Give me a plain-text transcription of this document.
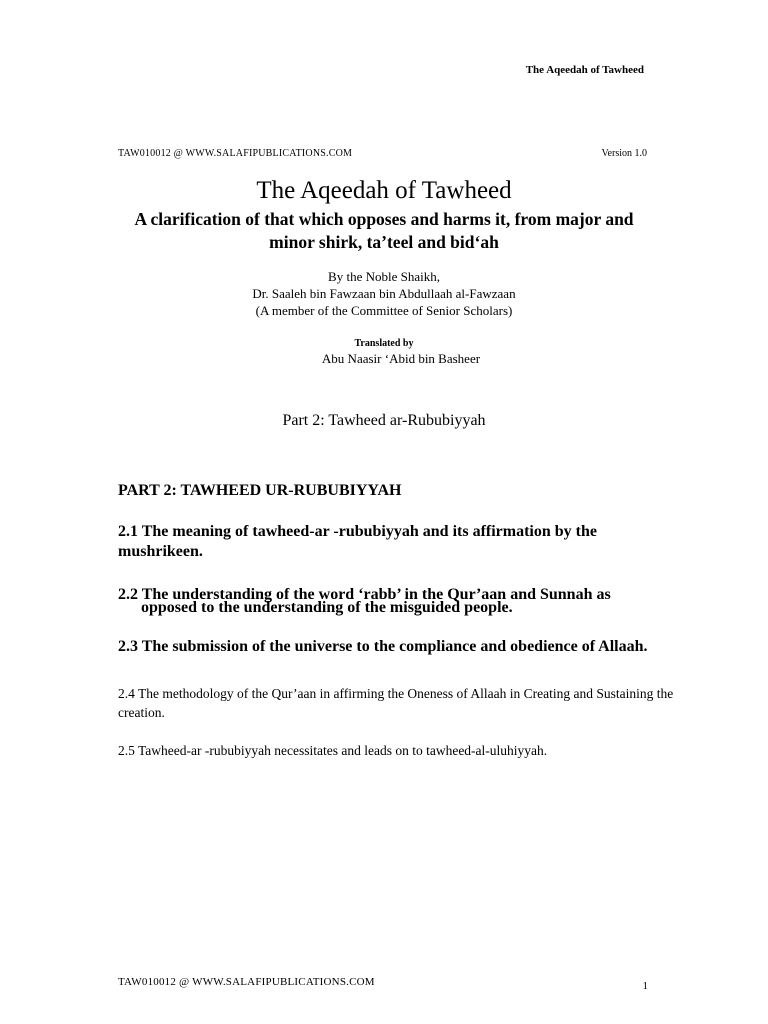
The Aqeedah of Tawheed
TAW010012 @ WWW.SALAFIPUBLICATIONS.COM	Version 1.0
The Aqeedah of Tawheed
A clarification of that which opposes and harms it, from major and minor shirk, ta’teel and bid‘ah
By the Noble Shaikh,
Dr. Saaleh bin Fawzaan bin Abdullaah al-Fawzaan
(A member of the Committee of Senior Scholars)
Translated by
Abu Naasir ‘Abid bin Basheer
Part 2: Tawheed ar-Rububiyyah
PART 2: TAWHEED UR-RUBUBIYYAH
2.1 The meaning of tawheed-ar -rububiyyah and its affirmation by the mushrikeen.
2.2 The understanding of the word ‘rabb’ in the Qur’aan and Sunnah as
opposed to the understanding of the misguided people.
2.3 The submission of the universe to the compliance and obedience of Allaah.
2.4 The methodology of the Qur’aan in affirming the Oneness of Allaah in Creating and Sustaining the creation.
2.5 Tawheed-ar -rububiyyah necessitates and leads on to tawheed-al-uluhiyyah.
TAW010012 @ WWW.SALAFIPUBLICATIONS.COM	1
